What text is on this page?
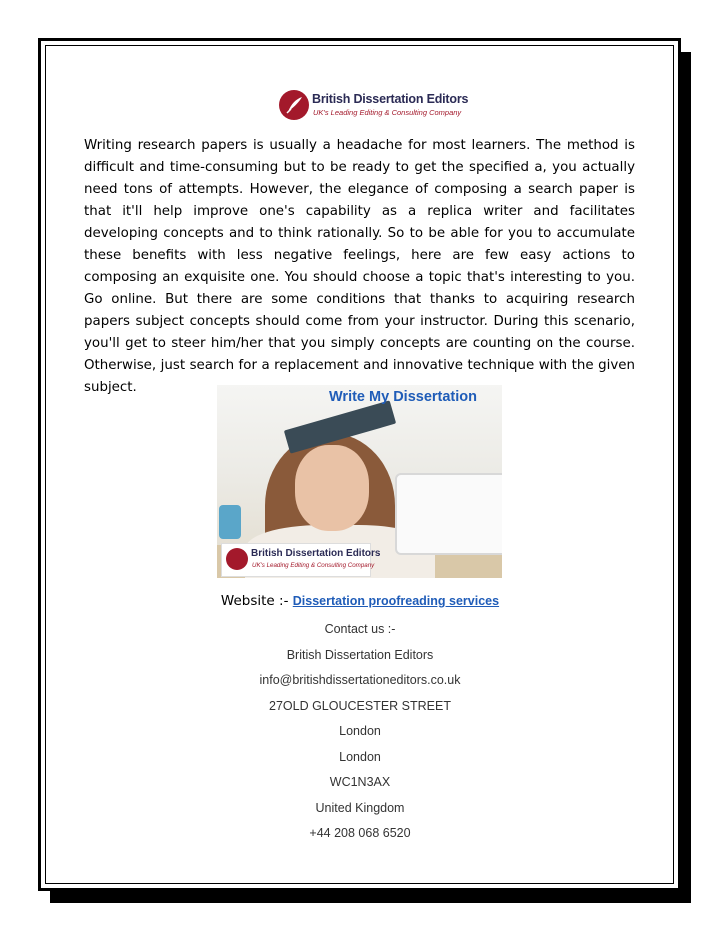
British Dissertation Editors
UK's Leading Editing & Consulting Company

Writing research papers is usually a headache for most learners. The method is difficult and time-consuming but to be ready to get the specified a, you actually need tons of attempts. However, the elegance of composing a search paper is that it'll help improve one's capability as a replica writer and facilitates developing concepts and to think rationally. So to be able for you to accumulate these benefits with less negative feelings, here are few easy actions to composing an exquisite one. You should choose a topic that's interesting to you. Go online. But there are some conditions that thanks to acquiring research papers subject concepts should come from your instructor. During this scenario, you'll get to steer him/her that you simply concepts are counting on the course. Otherwise, just search for a replacement and innovative technique with the given subject.

Write My Dissertation
British Dissertation Editors
UK's Leading Editing & Consulting Company
Website :- Dissertation proofreading services
Contact us :-
British Dissertation Editors
info@britishdissertationeditors.co.uk
27OLD GLOUCESTER STREET
London
London
WC1N3AX
United Kingdom
+44 208 068 6520
